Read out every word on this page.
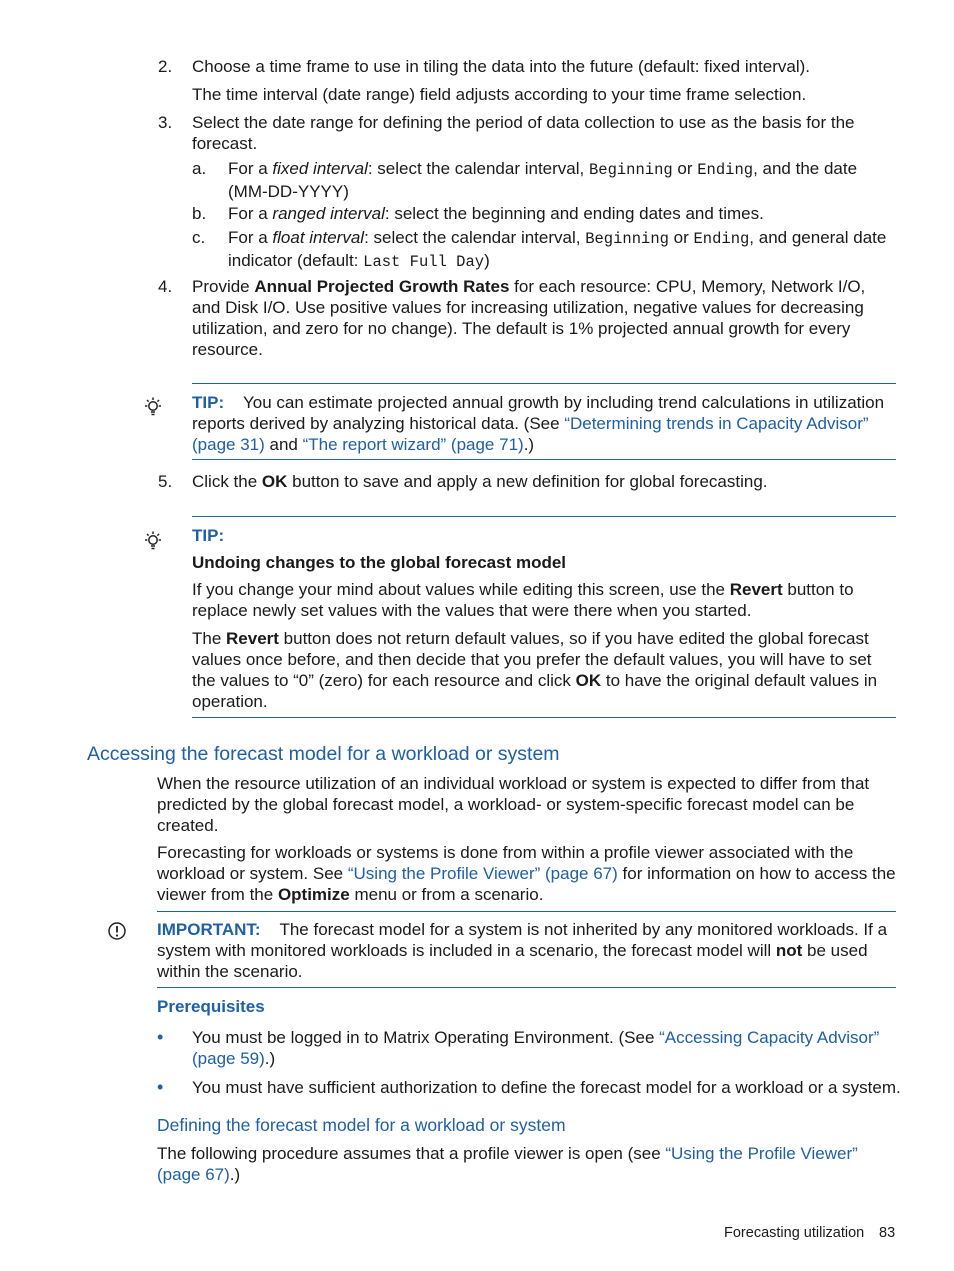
2.	Choose a time frame to use in tiling the data into the future (default: fixed interval).

The time interval (date range) field adjusts according to your time frame selection.

3.	Select the date range for defining the period of data collection to use as the basis for the forecast.

a.	For a fixed interval: select the calendar interval, Beginning or Ending, and the date (MM-DD-YYYY)

b.	For a ranged interval: select the beginning and ending dates and times.

c.	For a float interval: select the calendar interval, Beginning or Ending, and general date indicator (default: Last Full Day)

4.	Provide Annual Projected Growth Rates for each resource: CPU, Memory, Network I/O, and Disk I/O. Use positive values for increasing utilization, negative values for decreasing utilization, and zero for no change). The default is 1% projected annual growth for every resource.

TIP: You can estimate projected annual growth by including trend calculations in utilization reports derived by analyzing historical data. (See “Determining trends in Capacity Advisor” (page 31) and “The report wizard” (page 71).)

5.	Click the OK button to save and apply a new definition for global forecasting.

TIP:

Undoing changes to the global forecast model

If you change your mind about values while editing this screen, use the Revert button to replace newly set values with the values that were there when you started.

The Revert button does not return default values, so if you have edited the global forecast values once before, and then decide that you prefer the default values, you will have to set the values to “0” (zero) for each resource and click OK to have the original default values in operation.

Accessing the forecast model for a workload or system

When the resource utilization of an individual workload or system is expected to differ from that predicted by the global forecast model, a workload- or system-specific forecast model can be created.

Forecasting for workloads or systems is done from within a profile viewer associated with the workload or system. See “Using the Profile Viewer” (page 67) for information on how to access the viewer from the Optimize menu or from a scenario.

IMPORTANT: The forecast model for a system is not inherited by any monitored workloads. If a system with monitored workloads is included in a scenario, the forecast model will not be used within the scenario.

Prerequisites

• You must be logged in to Matrix Operating Environment. (See “Accessing Capacity Advisor” (page 59).)

• You must have sufficient authorization to define the forecast model for a workload or a system.

Defining the forecast model for a workload or system

The following procedure assumes that a profile viewer is open (see “Using the Profile Viewer” (page 67).)

Forecasting utilization 83
